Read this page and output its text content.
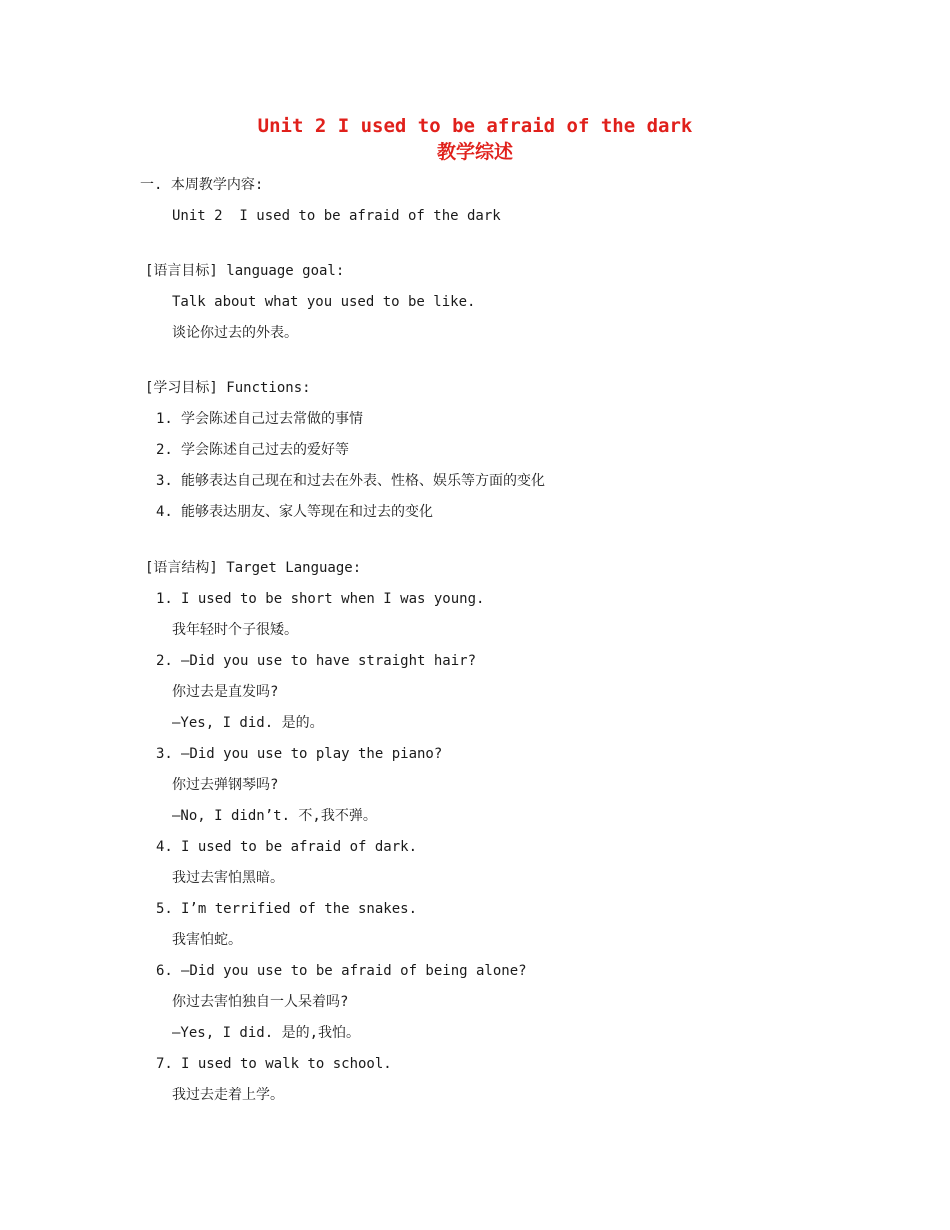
Unit 2 I used to be afraid of the dark
教学综述
一. 本周教学内容:
Unit 2  I used to be afraid of the dark
[语言目标] language goal:
Talk about what you used to be like.
谈论你过去的外表。
[学习目标] Functions:
1. 学会陈述自己过去常做的事情
2. 学会陈述自己过去的爱好等
3. 能够表达自己现在和过去在外表、性格、娱乐等方面的变化
4. 能够表达朋友、家人等现在和过去的变化
[语言结构] Target Language:
1. I used to be short when I was young.
我年轻时个子很矮。
2. —Did you use to have straight hair?
你过去是直发吗?
—Yes, I did. 是的。
3. —Did you use to play the piano?
你过去弹钢琴吗?
—No, I didn’t. 不,我不弹。
4. I used to be afraid of dark.
我过去害怕黑暗。
5. I’m terrified of the snakes.
我害怕蛇。
6. —Did you use to be afraid of being alone?
你过去害怕独自一人呆着吗?
—Yes, I did. 是的,我怕。
7. I used to walk to school.
我过去走着上学。
